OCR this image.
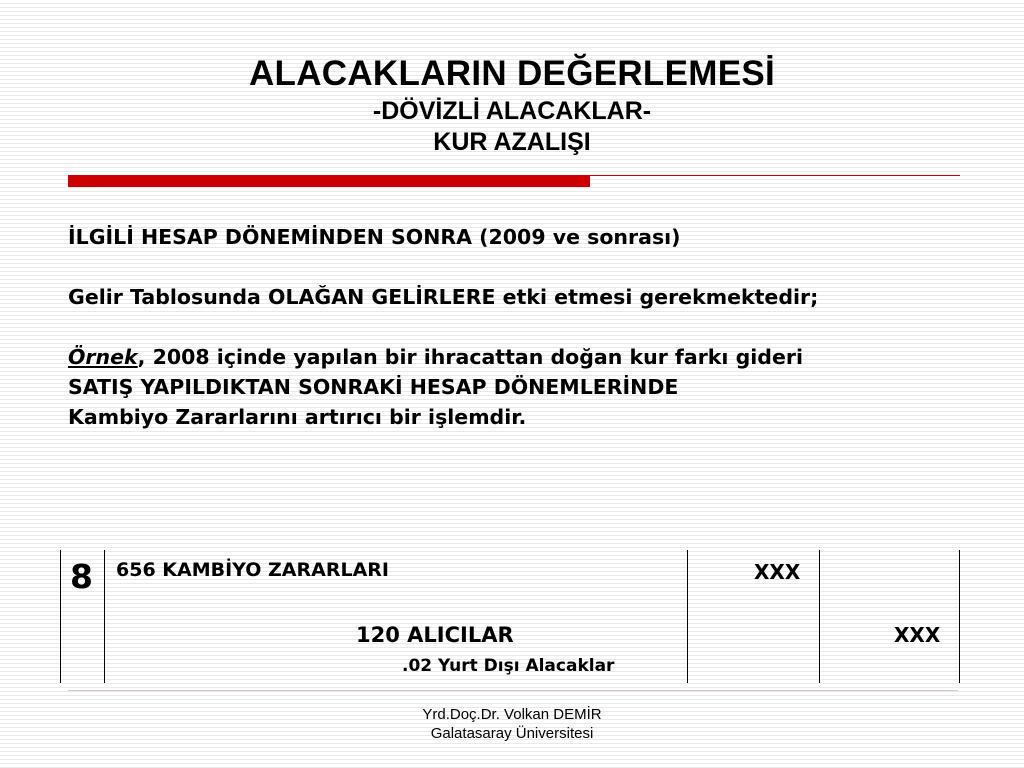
ALACAKLARIN DEĞERLEMESİ
-DÖVİZLİ ALACAKLAR-
KUR AZALIŞI

İLGİLİ HESAP DÖNEMİNDEN SONRA (2009 ve sonrası)

Gelir Tablosunda OLAĞAN GELİRLERE etki etmesi gerekmektedir;

Örnek, 2008 içinde yapılan bir ihracattan doğan kur farkı gideri

SATIŞ YAPILDIKTAN SONRAKİ HESAP DÖNEMLERİNDE

Kambiyo Zararlarını artırıcı bir işlemdir.

8 656 KAMBİYO ZARARLARI	XXX
120 ALICILAR	XXX
.02 Yurt Dışı Alacaklar
Yrd.Doç.Dr. Volkan DEMİR
Galatasaray Üniversitesi
